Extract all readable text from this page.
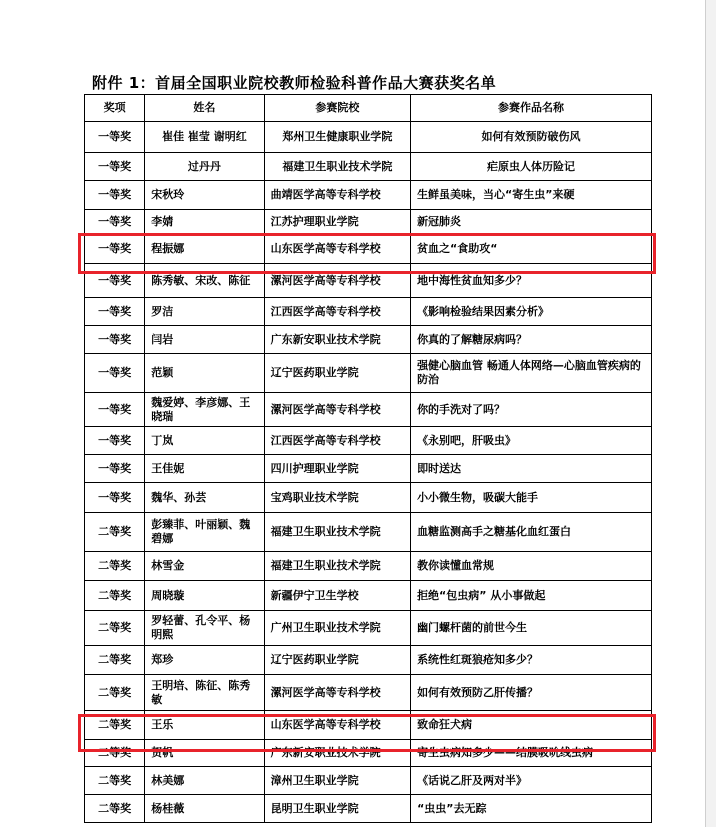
附件 1：首届全国职业院校教师检验科普作品大赛获奖名单
奖项	姓名	参赛院校	参赛作品名称
一等奖	崔佳 崔莹 谢明红	郑州卫生健康职业学院	如何有效预防破伤风
一等奖	过丹丹	福建卫生职业技术学院	疟原虫人体历险记
一等奖	宋秋玲	曲靖医学高等专科学校	生鲜虽美味，当心“寄生虫”来硬
一等奖	李婧	江苏护理职业学院	新冠肺炎
一等奖	程振娜	山东医学高等专科学校	贫血之“食助攻“
一等奖	陈秀敏、宋改、陈征	漯河医学高等专科学校	地中海性贫血知多少？
一等奖	罗洁	江西医学高等专科学校	《影响检验结果因素分析》
一等奖	闫岩	广东新安职业技术学院	你真的了解糖尿病吗？
一等奖	范颖	辽宁医药职业学院	强健心脑血管 畅通人体网络—心脑血管疾病的防治
一等奖	魏爱婷、李彦娜、王晓瑞	漯河医学高等专科学校	你的手洗对了吗？
一等奖	丁岚	江西医学高等专科学校	《永别吧，肝吸虫》
一等奖	王佳妮	四川护理职业学院	即时送达
一等奖	魏华、孙芸	宝鸡职业技术学院	小小微生物，吸碳大能手
二等奖	彭臻菲、叶丽颖、魏碧娜	福建卫生职业技术学院	血糖监测高手之糖基化血红蛋白
二等奖	林雪金	福建卫生职业技术学院	教你读懂血常规
二等奖	周晓璇	新疆伊宁卫生学校	拒绝“包虫病” 从小事做起
二等奖	罗轻蕾、孔令平、杨明熙	广州卫生职业技术学院	幽门螺杆菌的前世今生
二等奖	郑珍	辽宁医药职业学院	系统性红斑狼疮知多少？
二等奖	王明培、陈征、陈秀敏	漯河医学高等专科学校	如何有效预防乙肝传播？
二等奖	王乐	山东医学高等专科学校	致命狂犬病
二等奖	贺帆	广东新安职业技术学院	寄生虫病知多少——结膜吸吮线虫病
二等奖	林美娜	漳州卫生职业学院	《话说乙肝及两对半》
二等奖	杨桂薇	昆明卫生职业学院	“虫虫”去无踪
